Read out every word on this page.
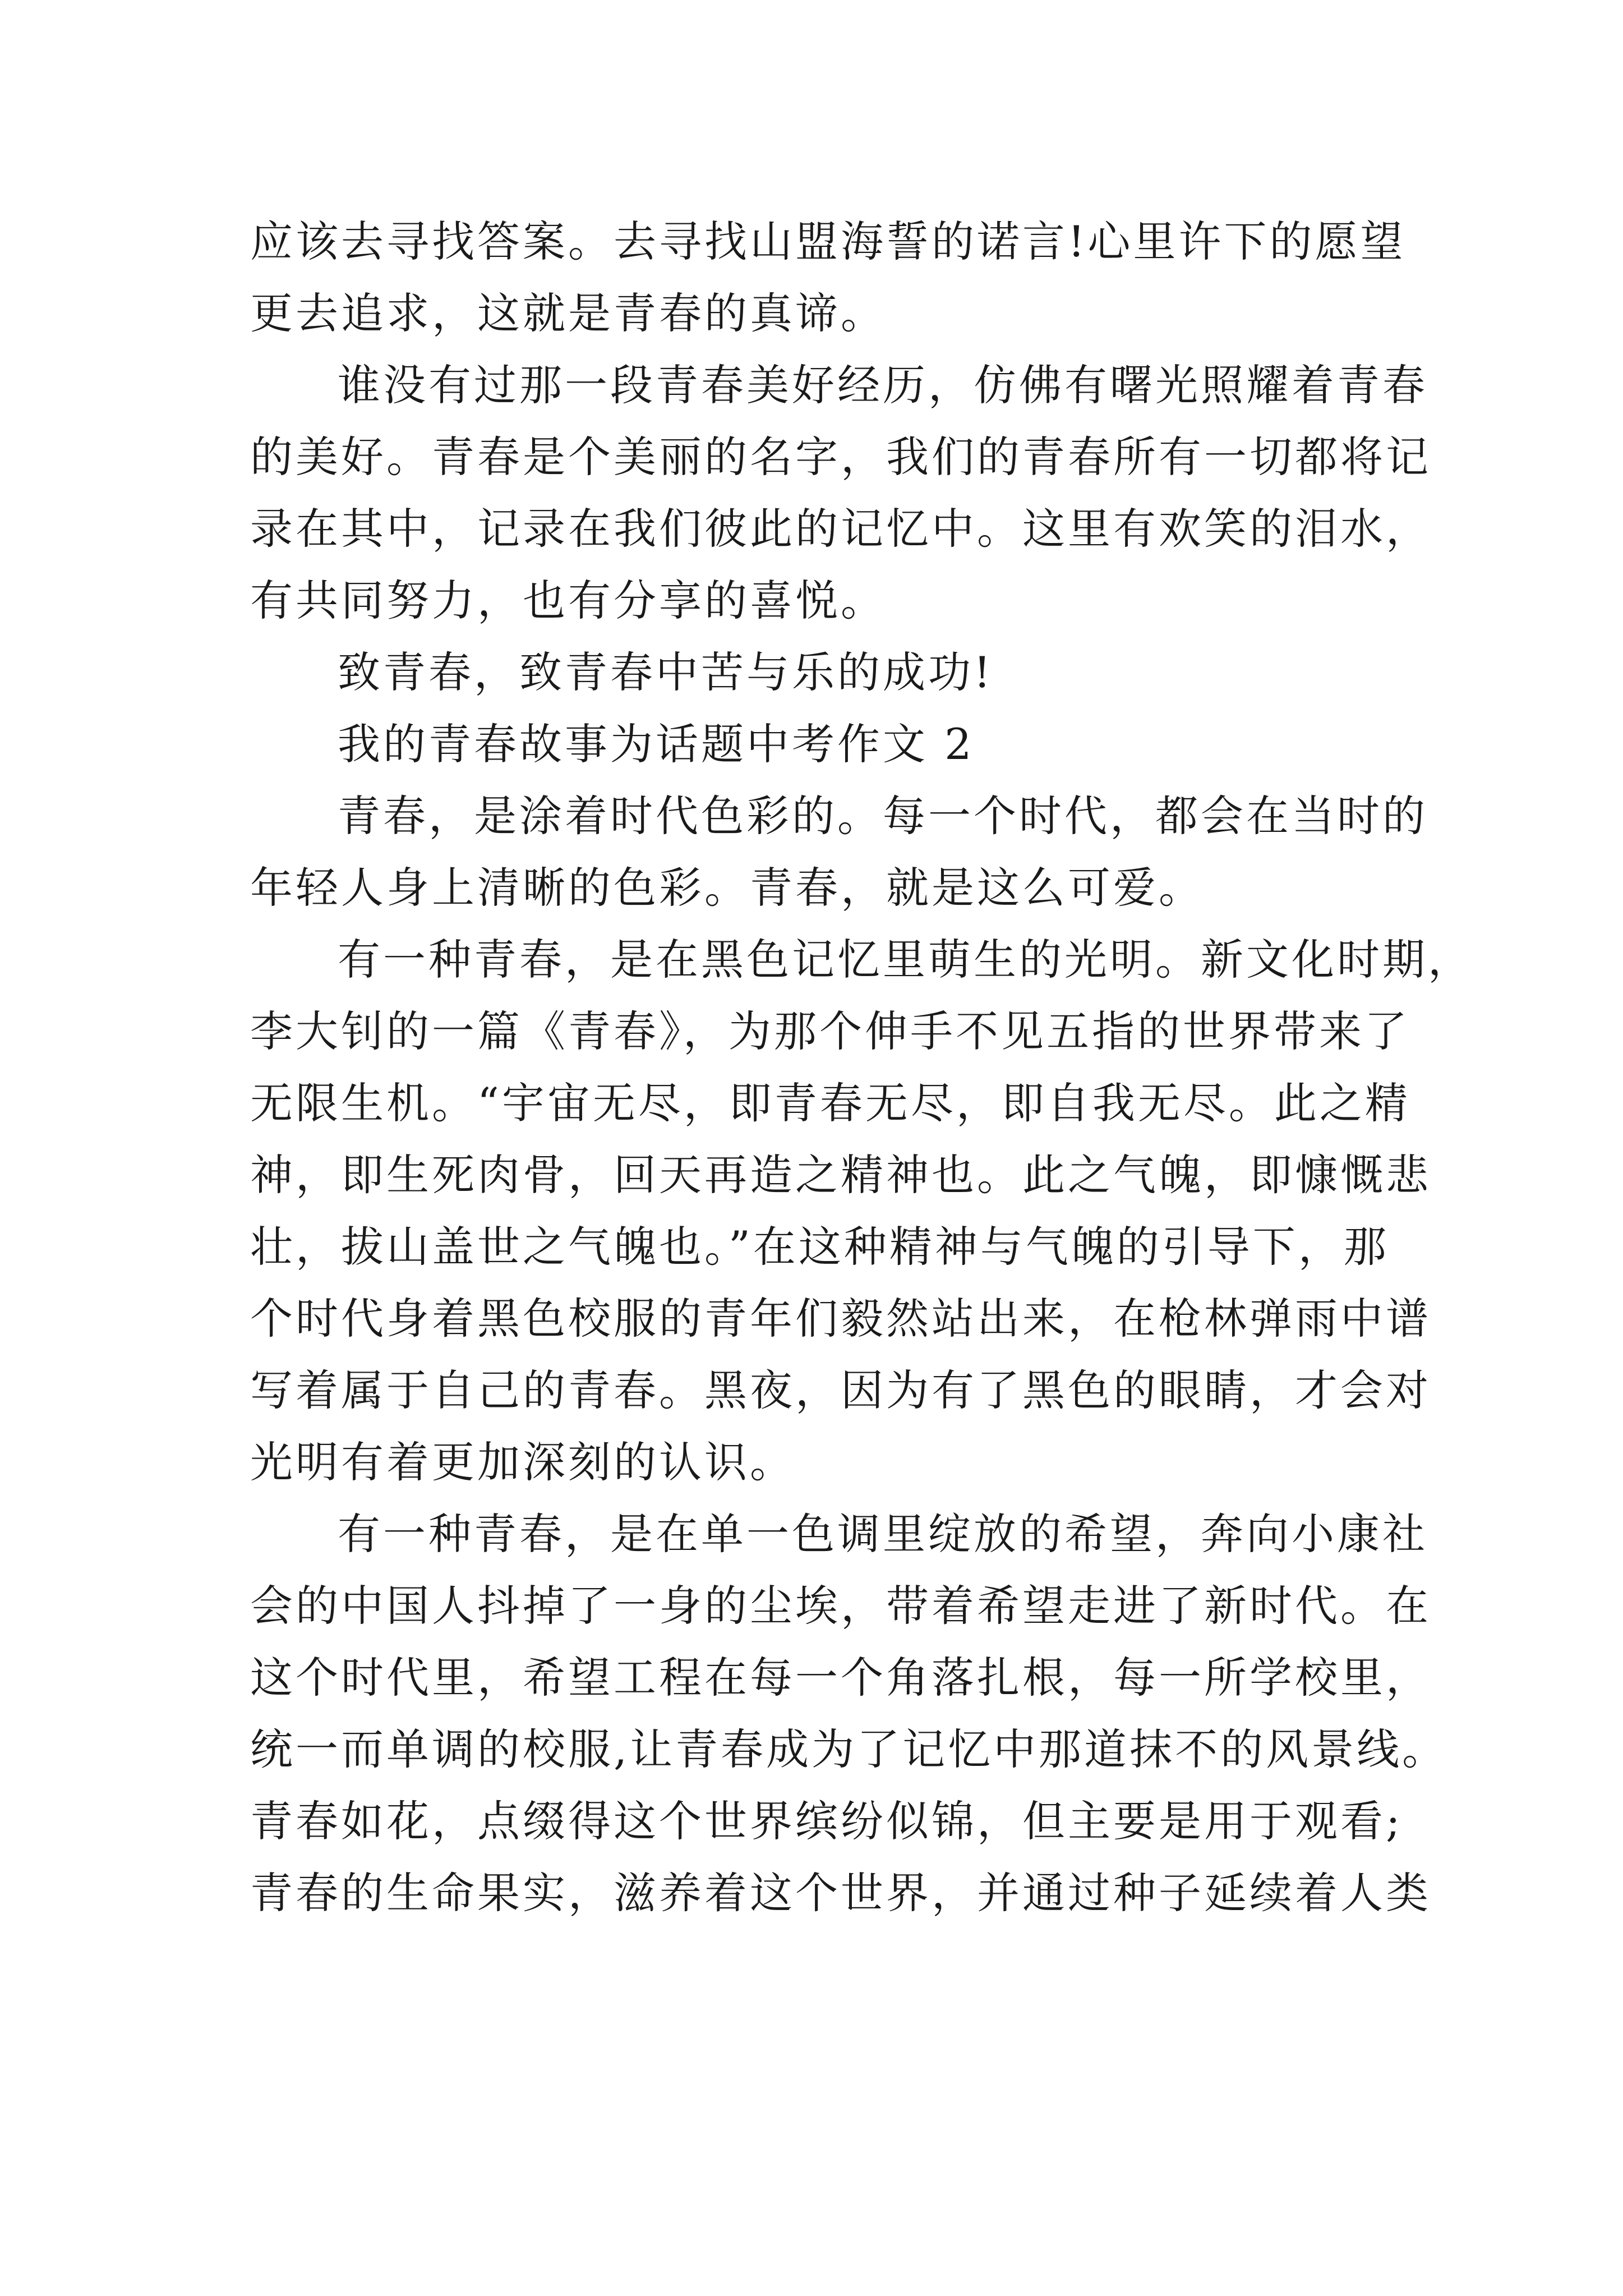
应该去寻找答案。去寻找山盟海誓的诺言!心里许下的愿望
更去追求，这就是青春的真谛。
谁没有过那一段青春美好经历，仿佛有曙光照耀着青春
的美好。青春是个美丽的名字，我们的青春所有一切都将记
录在其中，记录在我们彼此的记忆中。这里有欢笑的泪水，
有共同努力，也有分享的喜悦。
致青春，致青春中苦与乐的成功!
我的青春故事为话题中考作文 2
青春，是涂着时代色彩的。每一个时代，都会在当时的
年轻人身上清晰的色彩。青春，就是这么可爱。
有一种青春，是在黑色记忆里萌生的光明。新文化时期，
李大钊的一篇《青春》，为那个伸手不见五指的世界带来了
无限生机。“宇宙无尽，即青春无尽，即自我无尽。此之精
神，即生死肉骨，回天再造之精神也。此之气魄，即慷慨悲
壮，拔山盖世之气魄也。”在这种精神与气魄的引导下，那
个时代身着黑色校服的青年们毅然站出来，在枪林弹雨中谱
写着属于自己的青春。黑夜，因为有了黑色的眼睛，才会对
光明有着更加深刻的认识。
有一种青春，是在单一色调里绽放的希望，奔向小康社
会的中国人抖掉了一身的尘埃，带着希望走进了新时代。在
这个时代里，希望工程在每一个角落扎根，每一所学校里，
统一而单调的校服,让青春成为了记忆中那道抹不的风景线。
青春如花，点缀得这个世界缤纷似锦，但主要是用于观看;
青春的生命果实，滋养着这个世界，并通过种子延续着人类
